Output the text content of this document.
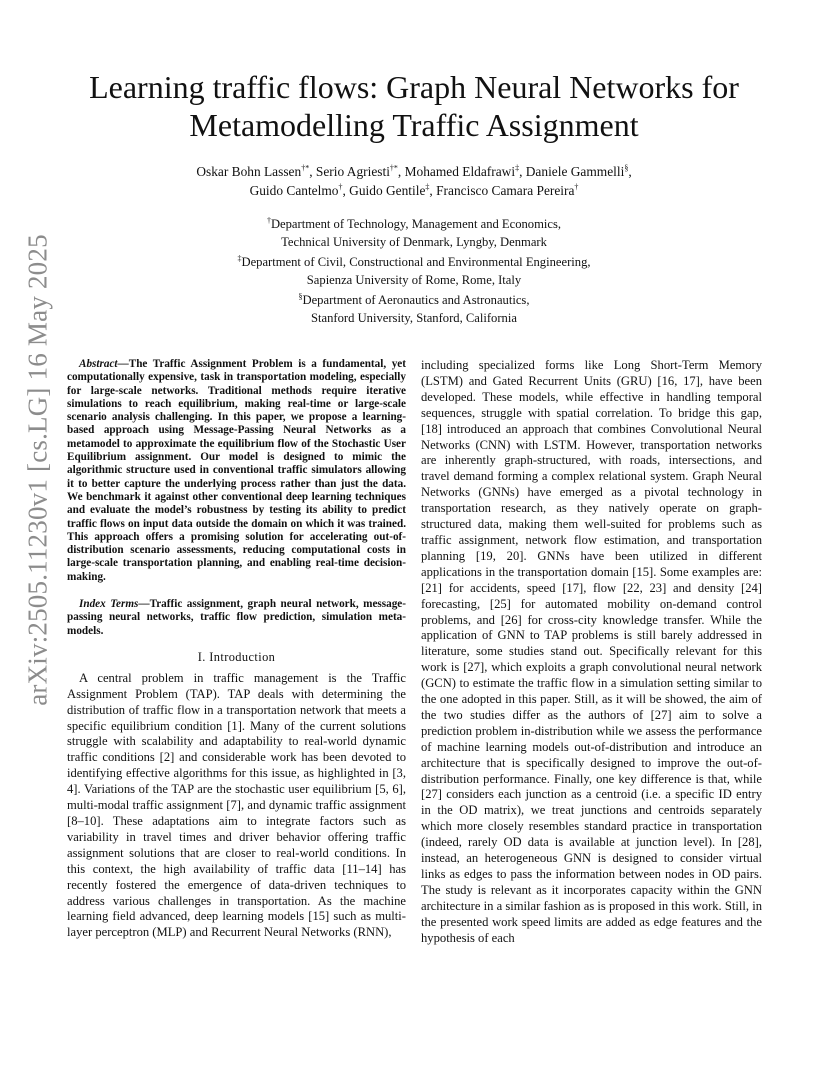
arXiv:2505.11230v1 [cs.LG] 16 May 2025
Learning traffic flows: Graph Neural Networks for Metamodelling Traffic Assignment
Oskar Bohn Lassen†*, Serio Agriesti†*, Mohamed Eldafrawi‡, Daniele Gammelli§,
Guido Cantelmo†, Guido Gentile‡, Francisco Camara Pereira†
†Department of Technology, Management and Economics,
Technical University of Denmark, Lyngby, Denmark
‡Department of Civil, Constructional and Environmental Engineering,
Sapienza University of Rome, Rome, Italy
§Department of Aeronautics and Astronautics,
Stanford University, Stanford, California

Abstract—The Traffic Assignment Problem is a fundamental, yet computationally expensive, task in transportation modeling, especially for large-scale networks. Traditional methods require iterative simulations to reach equilibrium, making real-time or large-scale scenario analysis challenging. In this paper, we propose a learning-based approach using Message-Passing Neural Networks as a metamodel to approximate the equilibrium flow of the Stochastic User Equilibrium assignment. Our model is designed to mimic the algorithmic structure used in conventional traffic simulators allowing it to better capture the underlying process rather than just the data. We benchmark it against other conventional deep learning techniques and evaluate the model’s robustness by testing its ability to predict traffic flows on input data outside the domain on which it was trained. This approach offers a promising solution for accelerating out-of-distribution scenario assessments, reducing computational costs in large-scale transportation planning, and enabling real-time decision-making.

Index Terms—Traffic assignment, graph neural network, message-passing neural networks, traffic flow prediction, simulation meta-models.

I. Introduction

A central problem in traffic management is the Traffic Assignment Problem (TAP). TAP deals with determining the distribution of traffic flow in a transportation network that meets a specific equilibrium condition [1]. Many of the current solutions struggle with scalability and adaptability to real-world dynamic traffic conditions [2] and considerable work has been devoted to identifying effective algorithms for this issue, as highlighted in [3, 4]. Variations of the TAP are the stochastic user equilibrium [5, 6], multi-modal traffic assignment [7], and dynamic traffic assignment [8–10]. These adaptations aim to integrate factors such as variability in travel times and driver behavior offering traffic assignment solutions that are closer to real-world conditions. In this context, the high availability of traffic data [11–14] has recently fostered the emergence of data-driven techniques to address various challenges in transportation. As the machine learning field advanced, deep learning models [15] such as multi-layer perceptron (MLP) and Recurrent Neural Networks (RNN),

including specialized forms like Long Short-Term Memory (LSTM) and Gated Recurrent Units (GRU) [16, 17], have been developed. These models, while effective in handling temporal sequences, struggle with spatial correlation. To bridge this gap, [18] introduced an approach that combines Convolutional Neural Networks (CNN) with LSTM. However, transportation networks are inherently graph-structured, with roads, intersections, and travel demand forming a complex relational system. Graph Neural Networks (GNNs) have emerged as a pivotal technology in transportation research, as they natively operate on graph-structured data, making them well-suited for problems such as traffic assignment, network flow estimation, and transportation planning [19, 20]. GNNs have been utilized in different applications in the transportation domain [15]. Some examples are: [21] for accidents, speed [17], flow [22, 23] and density [24] forecasting, [25] for automated mobility on-demand control problems, and [26] for cross-city knowledge transfer. While the application of GNN to TAP problems is still barely addressed in literature, some studies stand out. Specifically relevant for this work is [27], which exploits a graph convolutional neural network (GCN) to estimate the traffic flow in a simulation setting similar to the one adopted in this paper. Still, as it will be showed, the aim of the two studies differ as the authors of [27] aim to solve a prediction problem in-distribution while we assess the performance of machine learning models out-of-distribution and introduce an architecture that is specifically designed to improve the out-of-distribution performance. Finally, one key difference is that, while [27] considers each junction as a centroid (i.e. a specific ID entry in the OD matrix), we treat junctions and centroids separately which more closely resembles standard practice in transportation (indeed, rarely OD data is available at junction level). In [28], instead, an heterogeneous GNN is designed to consider virtual links as edges to pass the information between nodes in OD pairs. The study is relevant as it incorporates capacity within the GNN architecture in a similar fashion as is proposed in this work. Still, in the presented work speed limits are added as edge features and the hypothesis of each
